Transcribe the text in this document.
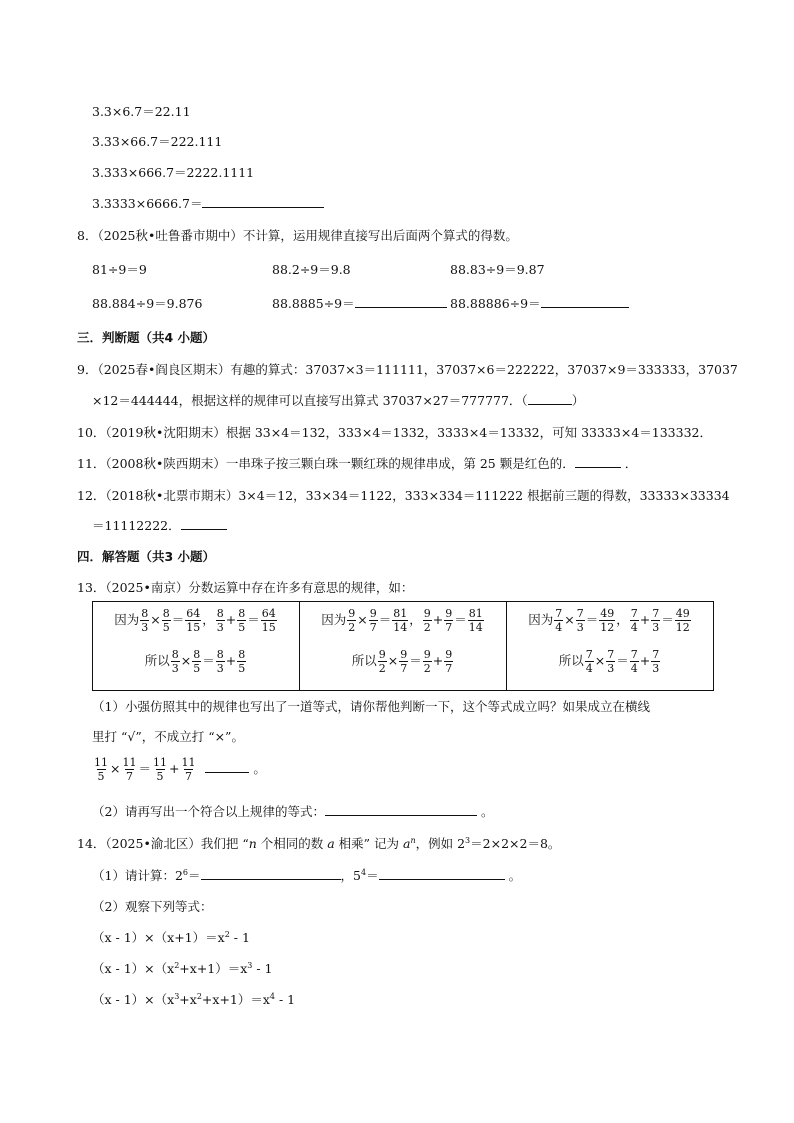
3.3×6.7＝22.11
3.33×66.7＝222.111
3.333×666.7＝2222.1111
3.3333×6666.7＝
8．（2025秋•吐鲁番市期中）不计算，运用规律直接写出后面两个算式的得数。
81÷9＝9	88.2÷9＝9.8	88.83÷9＝9.87
88.884÷9＝9.876	88.8885÷9＝	88.88886÷9＝
三．判断题（共4 小题）
9．（2025春•阎良区期末）有趣的算式：37037×3＝111111，37037×6＝222222，37037×9＝333333，37037
×12＝444444，根据这样的规律可以直接写出算式 37037×27＝777777．（	）
10．（2019秋•沈阳期末）根据 33×4＝132，333×4＝1332，3333×4＝13332，可知 33333×4＝133332．
11．（2008秋•陕西期末）一串珠子按三颗白珠一颗红珠的规律串成，第 25 颗是红色的．	．
12．（2018秋•北票市期末）3×4＝12，33×34＝1122，333×334＝111222 根据前三题的得数，33333×33334
＝11112222．
四．解答题（共3 小题）
13．（2025•南京）分数运算中存在许多有意思的规律，如：
因为 $\frac{8}{3} \times \frac{8}{5} = \frac{64}{15}$ ， $\frac{8}{3} + \frac{8}{5} = \frac{64}{15}$
所以 $\frac{8}{3} \times \frac{8}{5} = \frac{8}{3} + \frac{8}{5}$
因为 $\frac{9}{2} \times \frac{9}{7} = \frac{81}{14}$ ， $\frac{9}{2} + \frac{9}{7} = \frac{81}{14}$
所以 $\frac{9}{2} \times \frac{9}{7} = \frac{9}{2} + \frac{9}{7}$
因为 $\frac{7}{4} \times \frac{7}{3} = \frac{49}{12}$ ， $\frac{7}{4} + \frac{7}{3} = \frac{49}{12}$
所以 $\frac{7}{4} \times \frac{7}{3} = \frac{7}{4} + \frac{7}{3}$
（1）小强仿照其中的规律也写出了一道等式，请你帮他判断一下，这个等式成立吗？如果成立在横线
里打 “√”，不成立打 “×”。
$\frac{11}{5} \times \frac{11}{7} = \frac{11}{5} + \frac{11}{7}$	。
（2）请再写出一个符合以上规律的等式：	。
14．（2025•渝北区）我们把 “n 个相同的数 a 相乘” 记为 $a^n$，例如 $2^3=2\times 2\times 2=8$。
（1）请计算：$2^6=$	，$5^4=$	。
（2）观察下列等式：
$(x - 1)\times(x+1)=x^2 - 1$
$(x - 1)\times(x^2+x+1)=x^3 - 1$
$(x - 1)\times(x^3+x^2+x+1)=x^4 - 1$
